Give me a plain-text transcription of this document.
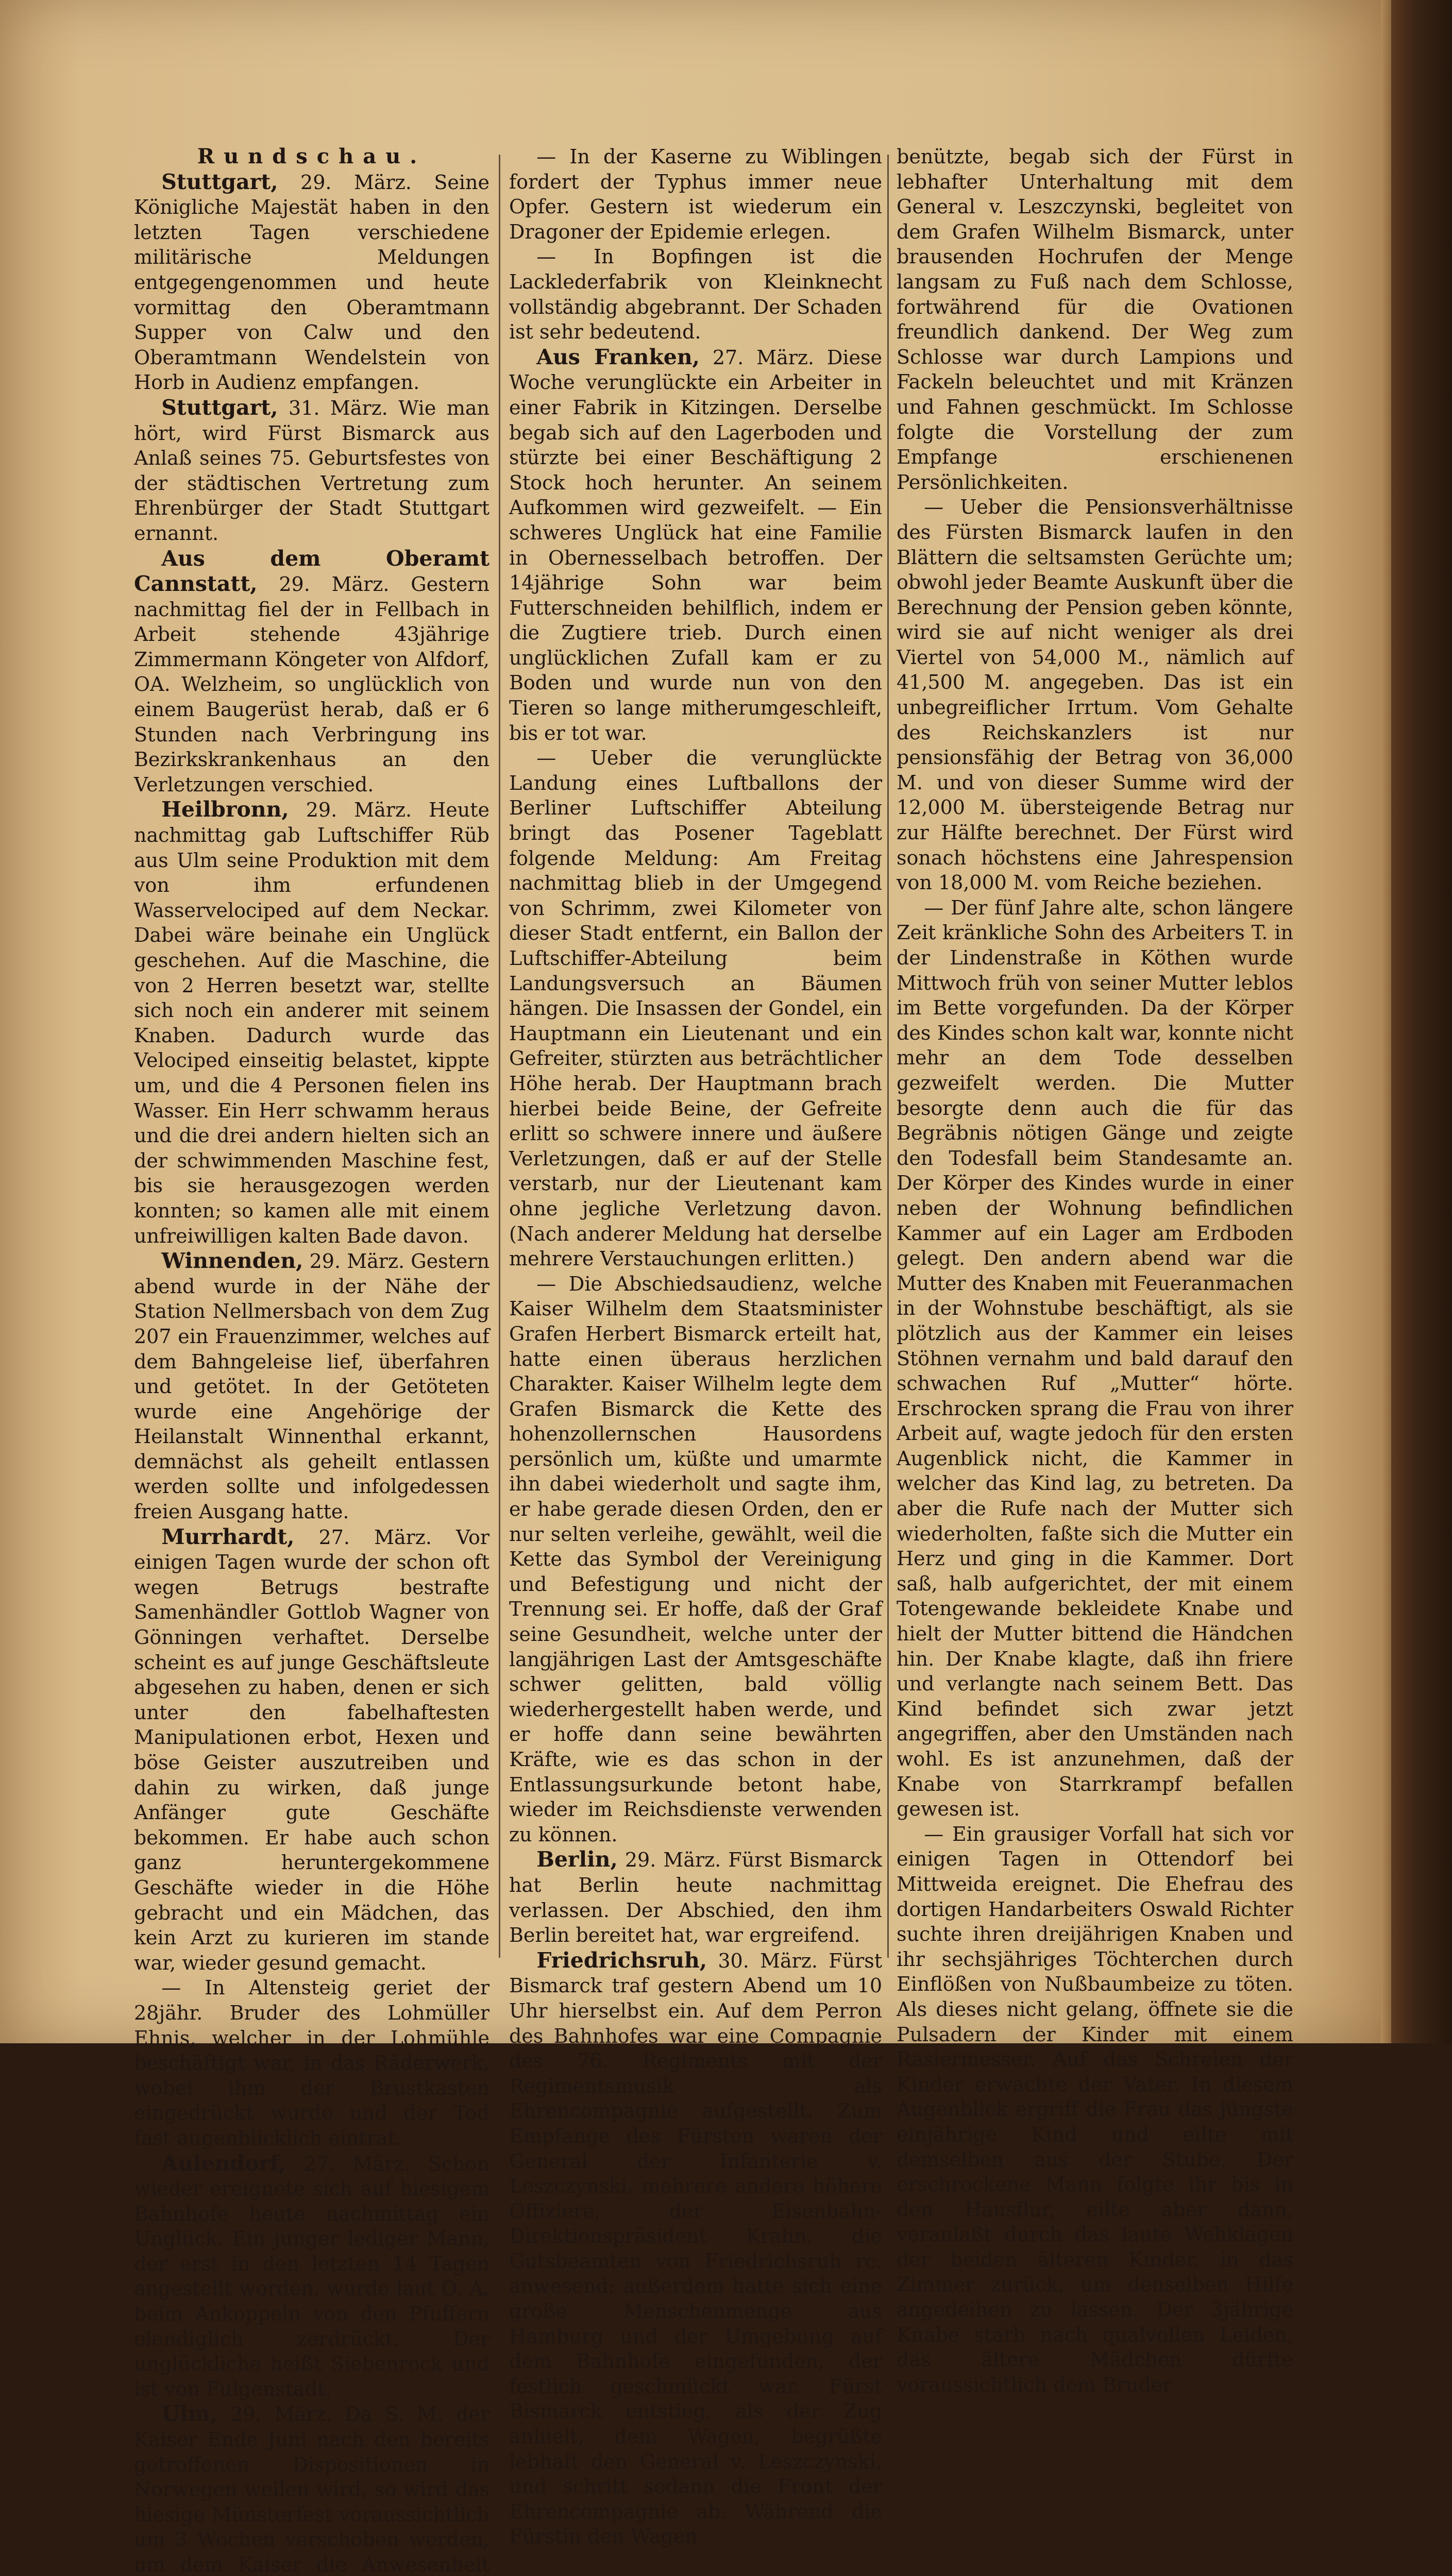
Rundschau.

Stuttgart, 29. März. Seine Königliche Majestät haben in den letzten Tagen verschiedene militärische Meldungen entgegengenommen und heute vormittag den Oberamtmann Supper von Calw und den Oberamtmann Wendelstein von Horb in Audienz empfangen.

Stuttgart, 31. März. Wie man hört, wird Fürst Bismarck aus Anlaß seines 75. Geburtsfestes von der städtischen Vertretung zum Ehrenbürger der Stadt Stuttgart ernannt.

Aus dem Oberamt Cannstatt, 29. März. Gestern nachmittag fiel der in Fellbach in Arbeit stehende 43jährige Zimmermann Köngeter von Alfdorf, OA. Welzheim, so unglücklich von einem Baugerüst herab, daß er 6 Stunden nach Verbringung ins Bezirkskrankenhaus an den Verletzungen verschied.

Heilbronn, 29. März. Heute nachmittag gab Luftschiffer Rüb aus Ulm seine Produktion mit dem von ihm erfundenen Wasservelociped auf dem Neckar. Dabei wäre beinahe ein Unglück geschehen. Auf die Maschine, die von 2 Herren besetzt war, stellte sich noch ein anderer mit seinem Knaben. Dadurch wurde das Velociped einseitig belastet, kippte um, und die 4 Personen fielen ins Wasser. Ein Herr schwamm heraus und die drei andern hielten sich an der schwimmenden Maschine fest, bis sie herausgezogen werden konnten; so kamen alle mit einem unfreiwilligen kalten Bade davon.

Winnenden, 29. März. Gestern abend wurde in der Nähe der Station Nellmersbach von dem Zug 207 ein Frauenzimmer, welches auf dem Bahngeleise lief, überfahren und getötet. In der Getöteten wurde eine Angehörige der Heilanstalt Winnenthal erkannt, demnächst als geheilt entlassen werden sollte und infolgedessen freien Ausgang hatte.

Murrhardt, 27. März. Vor einigen Tagen wurde der schon oft wegen Betrugs bestrafte Samenhändler Gottlob Wagner von Gönningen verhaftet. Derselbe scheint es auf junge Geschäftsleute abgesehen zu haben, denen er sich unter den fabelhaftesten Manipulationen erbot, Hexen und böse Geister auszutreiben und dahin zu wirken, daß junge Anfänger gute Geschäfte bekommen. Er habe auch schon ganz heruntergekommene Geschäfte wieder in die Höhe gebracht und ein Mädchen, das kein Arzt zu kurieren im stande war, wieder gesund gemacht.

— In Altensteig geriet der 28jähr. Bruder des Lohmüller Ehnis, welcher in der Lohmühle beschäftigt war, in das Räderwerk, wobei ihm der Brustkasten eingedrückt wurde und der Tod fast augenblicklich eintrat.

Aulendorf, 27. März. Schon wieder ereignete sich auf hiesigem Bahnhofe heute nachmittag ein Unglück. Ein junger lediger Mann, der erst in den letzten 14 Tagen angestellt worden, wurde laut O. A. beim Ankoppeln von den Pfuffern elendiglich zerdrückt. Der unglückliche heißt Siebenrock und ist von Fulgenstadt.

Ulm, 29. März. Da S. M. der Kaiser Ende Juni nach den bereits getroffenen Dispositionen in Norwegen weilen wird, so wird das hiesige Münsterfest voraussichtlich um 3 Wochen verschoben werden, um dem Kaiser die Anwesenheit

— In der Kaserne zu Wiblingen fordert der Typhus immer neue Opfer. Gestern ist wiederum ein Dragoner der Epidemie erlegen.

— In Bopfingen ist die Lacklederfabrik von Kleinknecht vollständig abgebrannt. Der Schaden ist sehr bedeutend.

Aus Franken, 27. März. Diese Woche verunglückte ein Arbeiter in einer Fabrik in Kitzingen. Derselbe begab sich auf den Lagerboden und stürzte bei einer Beschäftigung 2 Stock hoch herunter. An seinem Aufkommen wird gezweifelt. — Ein schweres Unglück hat eine Familie in Obernesselbach betroffen. Der 14jährige Sohn war beim Futterschneiden behilflich, indem er die Zugtiere trieb. Durch einen unglücklichen Zufall kam er zu Boden und wurde nun von den Tieren so lange mitherumgeschleift, bis er tot war.

— Ueber die verunglückte Landung eines Luftballons der Berliner Luftschiffer Abteilung bringt das Posener Tageblatt folgende Meldung: Am Freitag nachmittag blieb in der Umgegend von Schrimm, zwei Kilometer von dieser Stadt entfernt, ein Ballon der Luftschiffer-Abteilung beim Landungsversuch an Bäumen hängen. Die Insassen der Gondel, ein Hauptmann ein Lieutenant und ein Gefreiter, stürzten aus beträchtlicher Höhe herab. Der Hauptmann brach hierbei beide Beine, der Gefreite erlitt so schwere innere und äußere Verletzungen, daß er auf der Stelle verstarb, nur der Lieutenant kam ohne jegliche Verletzung davon. (Nach anderer Meldung hat derselbe mehrere Verstauchungen erlitten.)

— Die Abschiedsaudienz, welche Kaiser Wilhelm dem Staatsminister Grafen Herbert Bismarck erteilt hat, hatte einen überaus herzlichen Charakter. Kaiser Wilhelm legte dem Grafen Bismarck die Kette des hohenzollernschen Hausordens persönlich um, küßte und umarmte ihn dabei wiederholt und sagte ihm, er habe gerade diesen Orden, den er nur selten verleihe, gewählt, weil die Kette das Symbol der Vereinigung und Befestigung und nicht der Trennung sei. Er hoffe, daß der Graf seine Gesundheit, welche unter der langjährigen Last der Amtsgeschäfte schwer gelitten, bald völlig wiederhergestellt haben werde, und er hoffe dann seine bewährten Kräfte, wie es das schon in der Entlassungsurkunde betont habe, wieder im Reichsdienste verwenden zu können.

Berlin, 29. März. Fürst Bismarck hat Berlin heute nachmittag verlassen. Der Abschied, den ihm Berlin bereitet hat, war ergreifend.

Friedrichsruh, 30. März. Fürst Bismarck traf gestern Abend um 10 Uhr hierselbst ein. Auf dem Perron des Bahnhofes war eine Compagnie des 76. Regiments mit der Regimentsmusik als Ehrencompagnie aufgestellt. Zum Empfange des Fürsten waren der General der Infanterie v. Leszczynski, mehrere andere höhere Offiziere, der Eisenbahn-Direktionspräsident Krahn, die Gutsbeamten von Friedrichsruh rc. anwesend; außerdem hatte sich eine große Menschenmenge aus Hamburg und der Umgebung auf dem Bahnhofe eingefunden, der festlich geschmückt war. Fürst Bismarck entstieg, als der Zug anhielt, dem Wagen, begrüßte lebhaft den General v. Leszczynski, und schritt sodann die Front der Ehrencompagnie ab. Während die Fürstin den Wagen

benützte, begab sich der Fürst in lebhafter Unterhaltung mit dem General v. Leszczynski, begleitet von dem Grafen Wilhelm Bismarck, unter brausenden Hochrufen der Menge langsam zu Fuß nach dem Schlosse, fortwährend für die Ovationen freundlich dankend. Der Weg zum Schlosse war durch Lampions und Fackeln beleuchtet und mit Kränzen und Fahnen geschmückt. Im Schlosse folgte die Vorstellung der zum Empfange erschienenen Persönlichkeiten.

— Ueber die Pensionsverhältnisse des Fürsten Bismarck laufen in den Blättern die seltsamsten Gerüchte um; obwohl jeder Beamte Auskunft über die Berechnung der Pension geben könnte, wird sie auf nicht weniger als drei Viertel von 54,000 M., nämlich auf 41,500 M. angegeben. Das ist ein unbegreiflicher Irrtum. Vom Gehalte des Reichskanzlers ist nur pensionsfähig der Betrag von 36,000 M. und von dieser Summe wird der 12,000 M. übersteigende Betrag nur zur Hälfte berechnet. Der Fürst wird sonach höchstens eine Jahrespension von 18,000 M. vom Reiche beziehen.

— Der fünf Jahre alte, schon längere Zeit kränkliche Sohn des Arbeiters T. in der Lindenstraße in Köthen wurde Mittwoch früh von seiner Mutter leblos im Bette vorgefunden. Da der Körper des Kindes schon kalt war, konnte nicht mehr an dem Tode desselben gezweifelt werden. Die Mutter besorgte denn auch die für das Begräbnis nötigen Gänge und zeigte den Todesfall beim Standesamte an. Der Körper des Kindes wurde in einer neben der Wohnung befindlichen Kammer auf ein Lager am Erdboden gelegt. Den andern abend war die Mutter des Knaben mit Feueranmachen in der Wohnstube beschäftigt, als sie plötzlich aus der Kammer ein leises Stöhnen vernahm und bald darauf den schwachen Ruf „Mutter“ hörte. Erschrocken sprang die Frau von ihrer Arbeit auf, wagte jedoch für den ersten Augenblick nicht, die Kammer in welcher das Kind lag, zu betreten. Da aber die Rufe nach der Mutter sich wiederholten, faßte sich die Mutter ein Herz und ging in die Kammer. Dort saß, halb aufgerichtet, der mit einem Totengewande bekleidete Knabe und hielt der Mutter bittend die Händchen hin. Der Knabe klagte, daß ihn friere und verlangte nach seinem Bett. Das Kind befindet sich zwar jetzt angegriffen, aber den Umständen nach wohl. Es ist anzunehmen, daß der Knabe von Starrkrampf befallen gewesen ist.

— Ein grausiger Vorfall hat sich vor einigen Tagen in Ottendorf bei Mittweida ereignet. Die Ehefrau des dortigen Handarbeiters Oswald Richter suchte ihren dreijährigen Knaben und ihr sechsjähriges Töchterchen durch Einflößen von Nußbaumbeize zu töten. Als dieses nicht gelang, öffnete sie die Pulsadern der Kinder mit einem Rasiermesser. Auf das Schreien der Kinder erwachte der Vater. In diesem Augenblick ergriff die Frau das jüngste einjährige Kind und eilte mit demselben aus der Stube. Der erschrockene Mann folgte ihr bis in den Hausflur, eilte aber dann, veranlaßt durch das laute Wehklagen der beiden älteren Kinder, in das Zimmer zurück, um denselben Hilfe angedeihen zu lassen. Der 3jährige Knabe starb nach qualvollen Leiden, das ältere Mädchen dürfte voraussichtlich dem Bruder
